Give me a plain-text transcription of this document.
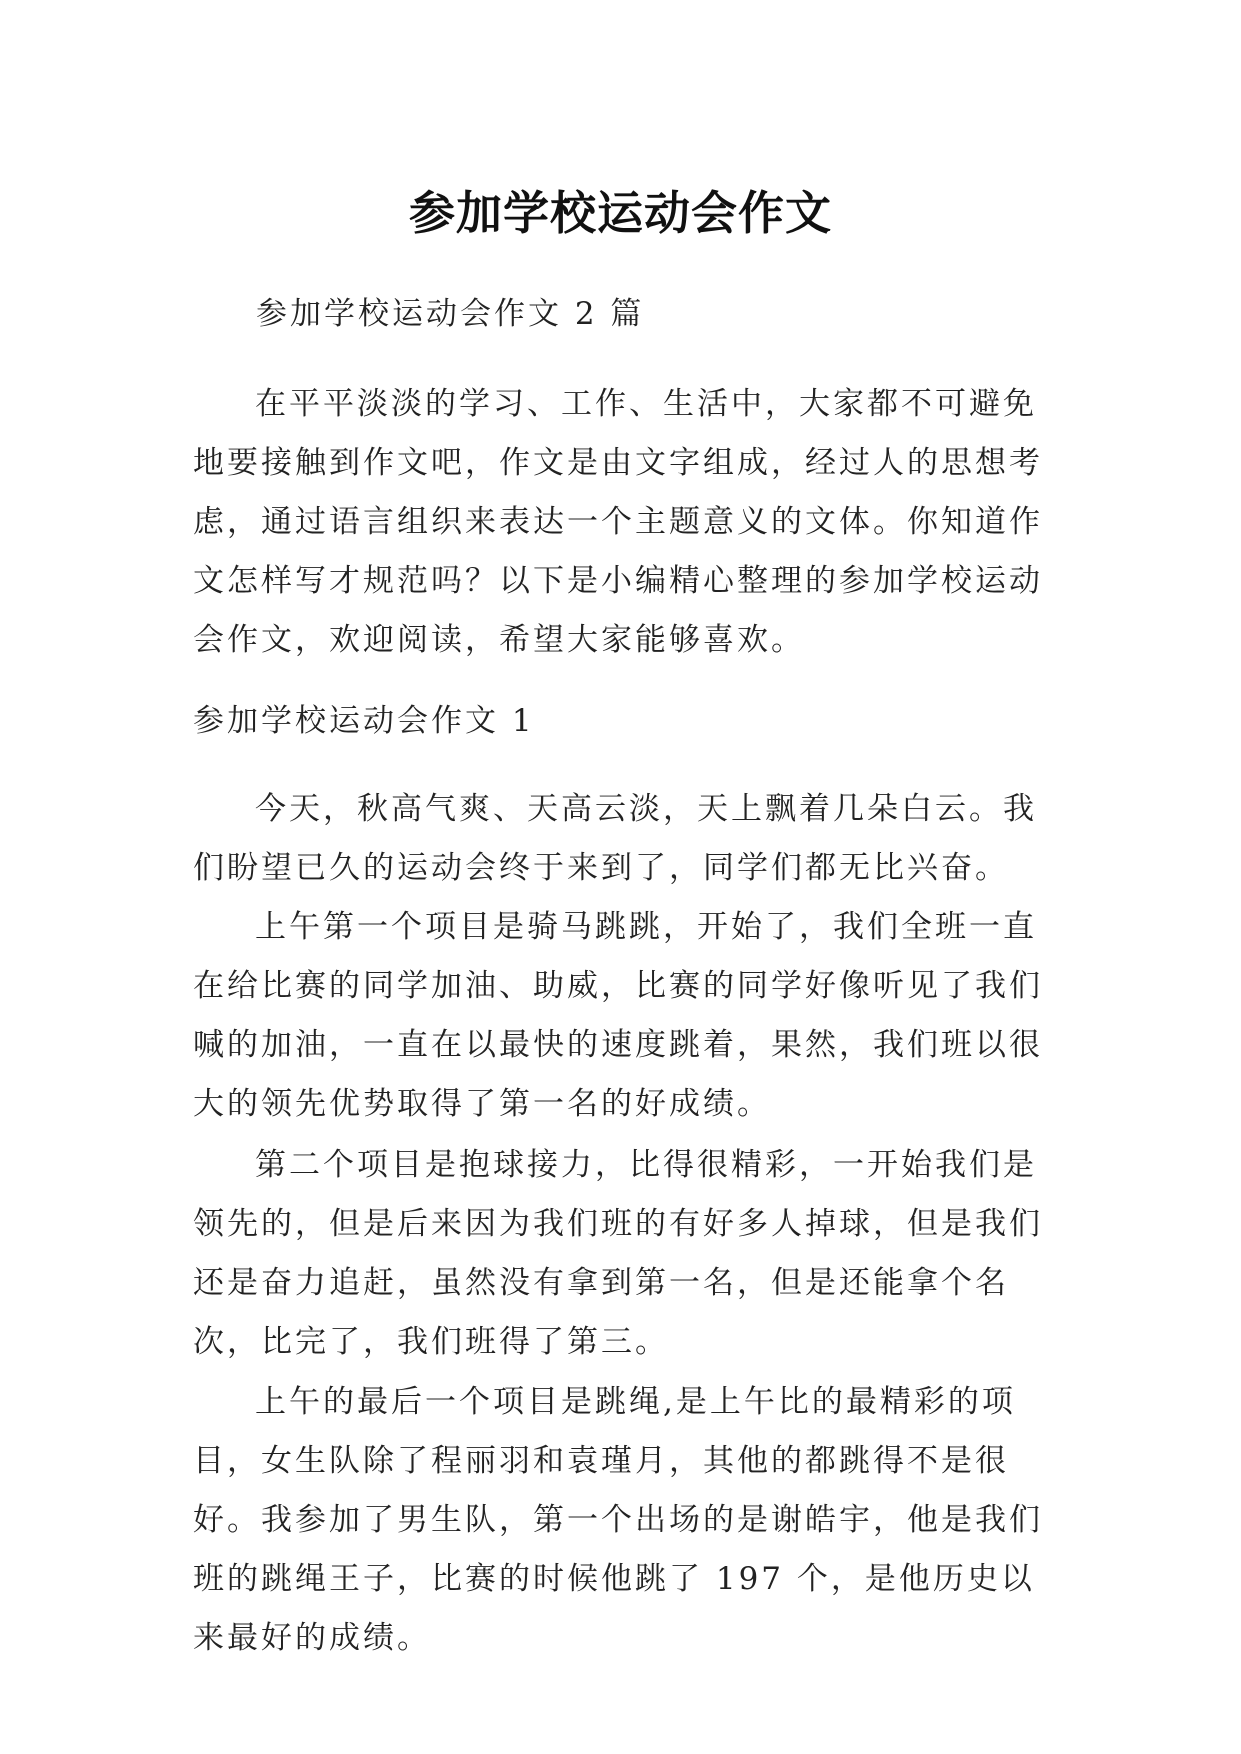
参加学校运动会作文
参加学校运动会作文 2 篇

在平平淡淡的学习、工作、生活中，大家都不可避免地要接触到作文吧，作文是由文字组成，经过人的思想考虑，通过语言组织来表达一个主题意义的文体。你知道作文怎样写才规范吗？以下是小编精心整理的参加学校运动会作文，欢迎阅读，希望大家能够喜欢。

参加学校运动会作文 1

今天，秋高气爽、天高云淡，天上飘着几朵白云。我们盼望已久的运动会终于来到了，同学们都无比兴奋。

上午第一个项目是骑马跳跳，开始了，我们全班一直在给比赛的同学加油、助威，比赛的同学好像听见了我们喊的加油，一直在以最快的速度跳着，果然，我们班以很大的领先优势取得了第一名的好成绩。

第二个项目是抱球接力，比得很精彩，一开始我们是领先的，但是后来因为我们班的有好多人掉球，但是我们还是奋力追赶，虽然没有拿到第一名，但是还能拿个名次，比完了，我们班得了第三。

上午的最后一个项目是跳绳,是上午比的最精彩的项目，女生队除了程丽羽和袁瑾月，其他的都跳得不是很好。我参加了男生队，第一个出场的是谢皓宇，他是我们班的跳绳王子，比赛的时候他跳了 197 个，是他历史以来最好的成绩。
